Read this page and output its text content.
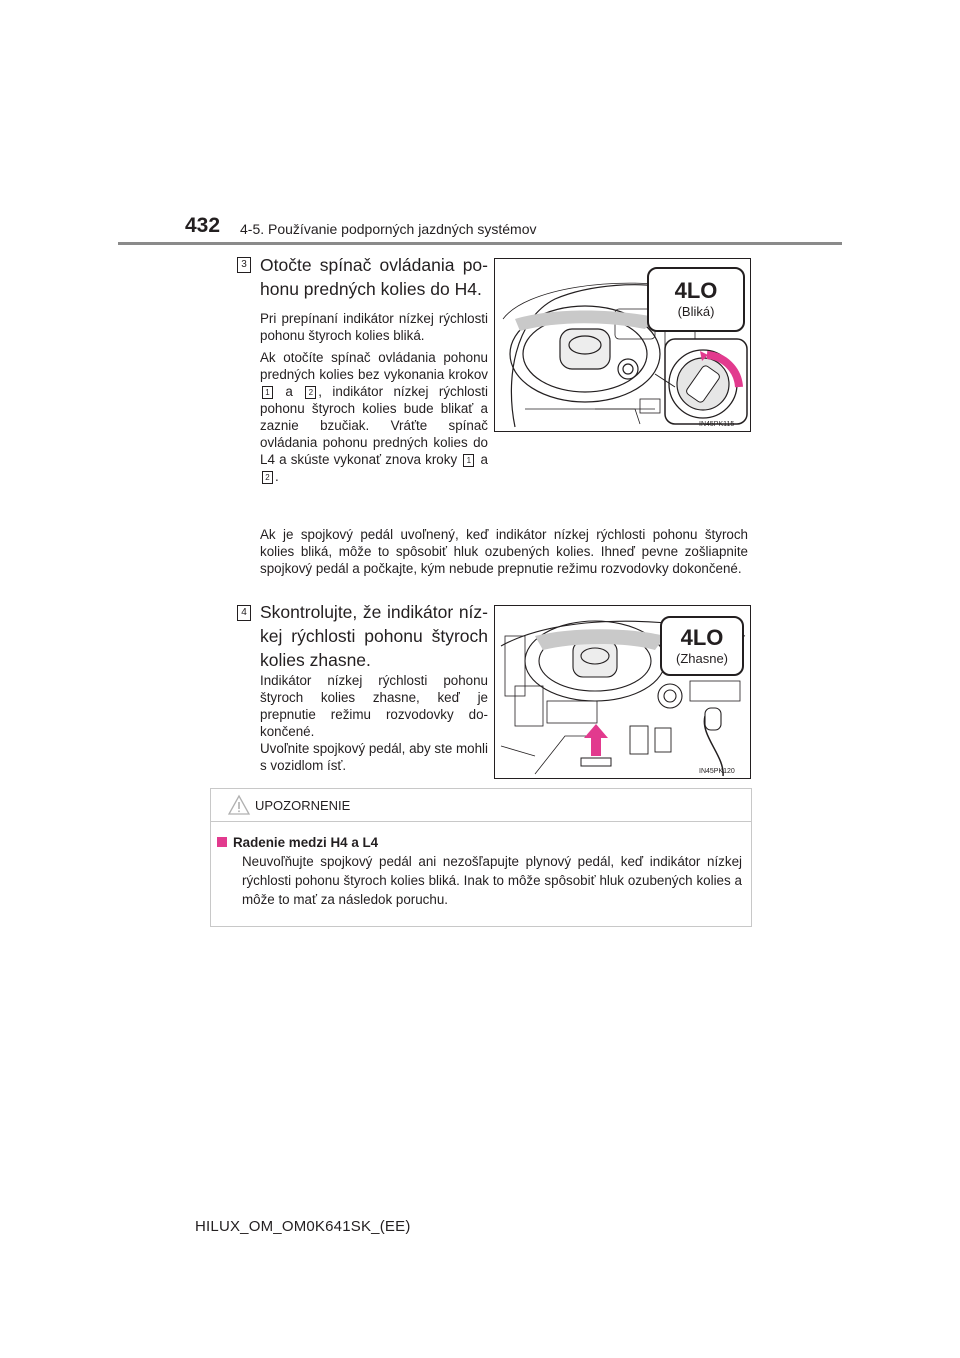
432 4-5. Používanie podporných jazdných systémov
3 Otočte spínač ovládania pohonu predných kolies do H4.

Pri prepínaní indikátor nízkej rýchlosti pohonu štyroch kolies bliká.

Ak otočíte spínač ovládania pohonu predných kolies bez vykonania krokov 1 a 2 , indikátor nízkej rýchlosti pohonu štyroch kolies bude blikať a zaznie bzučiak. Vráťte spínač ovládania pohonu predných kolies do L4 a skúste vykonať znova kroky 1 a 2 .

4LO
(Bliká)
IN45PK115
Ak je spojkový pedál uvoľnený, keď indikátor nízkej rýchlosti pohonu štyroch kolies bliká, môže to spôsobiť hluk ozubených kolies. Ihneď pevne zošliapnite spojkový pedál a počkajte, kým nebude prepnutie režimu rozvodovky dokončené.
4 Skontrolujte, že indikátor nízkej rýchlosti pohonu štyroch kolies zhasne.

Indikátor nízkej rýchlosti pohonu štyroch kolies zhasne, keď je prepnutie režimu rozvodovky dokončené.

Uvoľnite spojkový pedál, aby ste mohli s vozidlom ísť.

4LO
(Zhasne)
IN45PK120
UPOZORNENIE
Radenie medzi H4 a L4
Neuvoľňujte spojkový pedál ani nezošľapujte plynový pedál, keď indikátor nízkej rýchlosti pohonu štyroch kolies bliká. Inak to môže spôsobiť hluk ozubených kolies a môže to mať za následok poruchu.
HILUX_OM_OM0K641SK_(EE)
